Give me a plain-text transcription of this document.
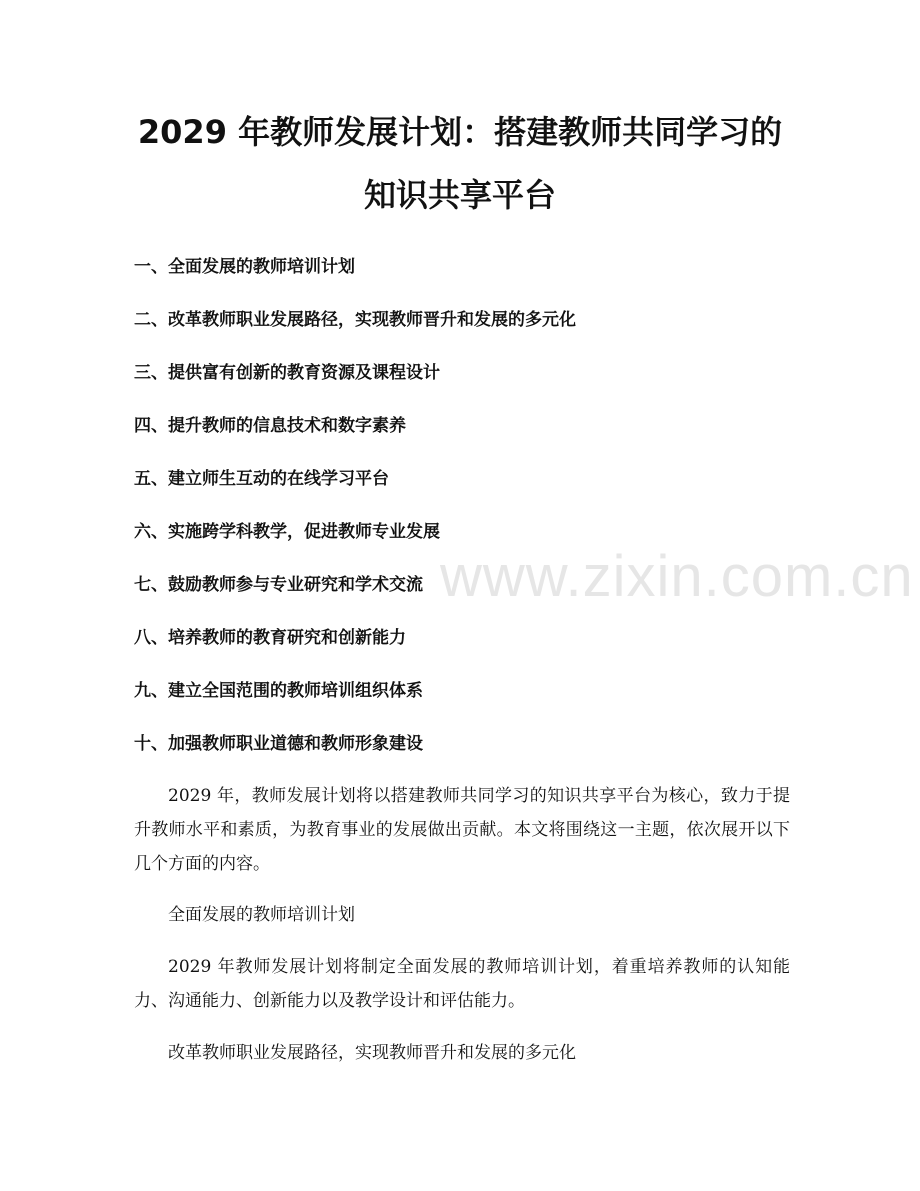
2029 年教师发展计划：搭建教师共同学习的
知识共享平台
一、全面发展的教师培训计划
二、改革教师职业发展路径，实现教师晋升和发展的多元化
三、提供富有创新的教育资源及课程设计
四、提升教师的信息技术和数字素养
五、建立师生互动的在线学习平台
六、实施跨学科教学，促进教师专业发展
七、鼓励教师参与专业研究和学术交流
八、培养教师的教育研究和创新能力
九、建立全国范围的教师培训组织体系
十、加强教师职业道德和教师形象建设

2029 年，教师发展计划将以搭建教师共同学习的知识共享平台为核心，致力于提升教师水平和素质，为教育事业的发展做出贡献。本文将围绕这一主题，依次展开以下几个方面的内容。

全面发展的教师培训计划

2029 年教师发展计划将制定全面发展的教师培训计划，着重培养教师的认知能力、沟通能力、创新能力以及教学设计和评估能力。

改革教师职业发展路径，实现教师晋升和发展的多元化

www.zixin.com.cn
